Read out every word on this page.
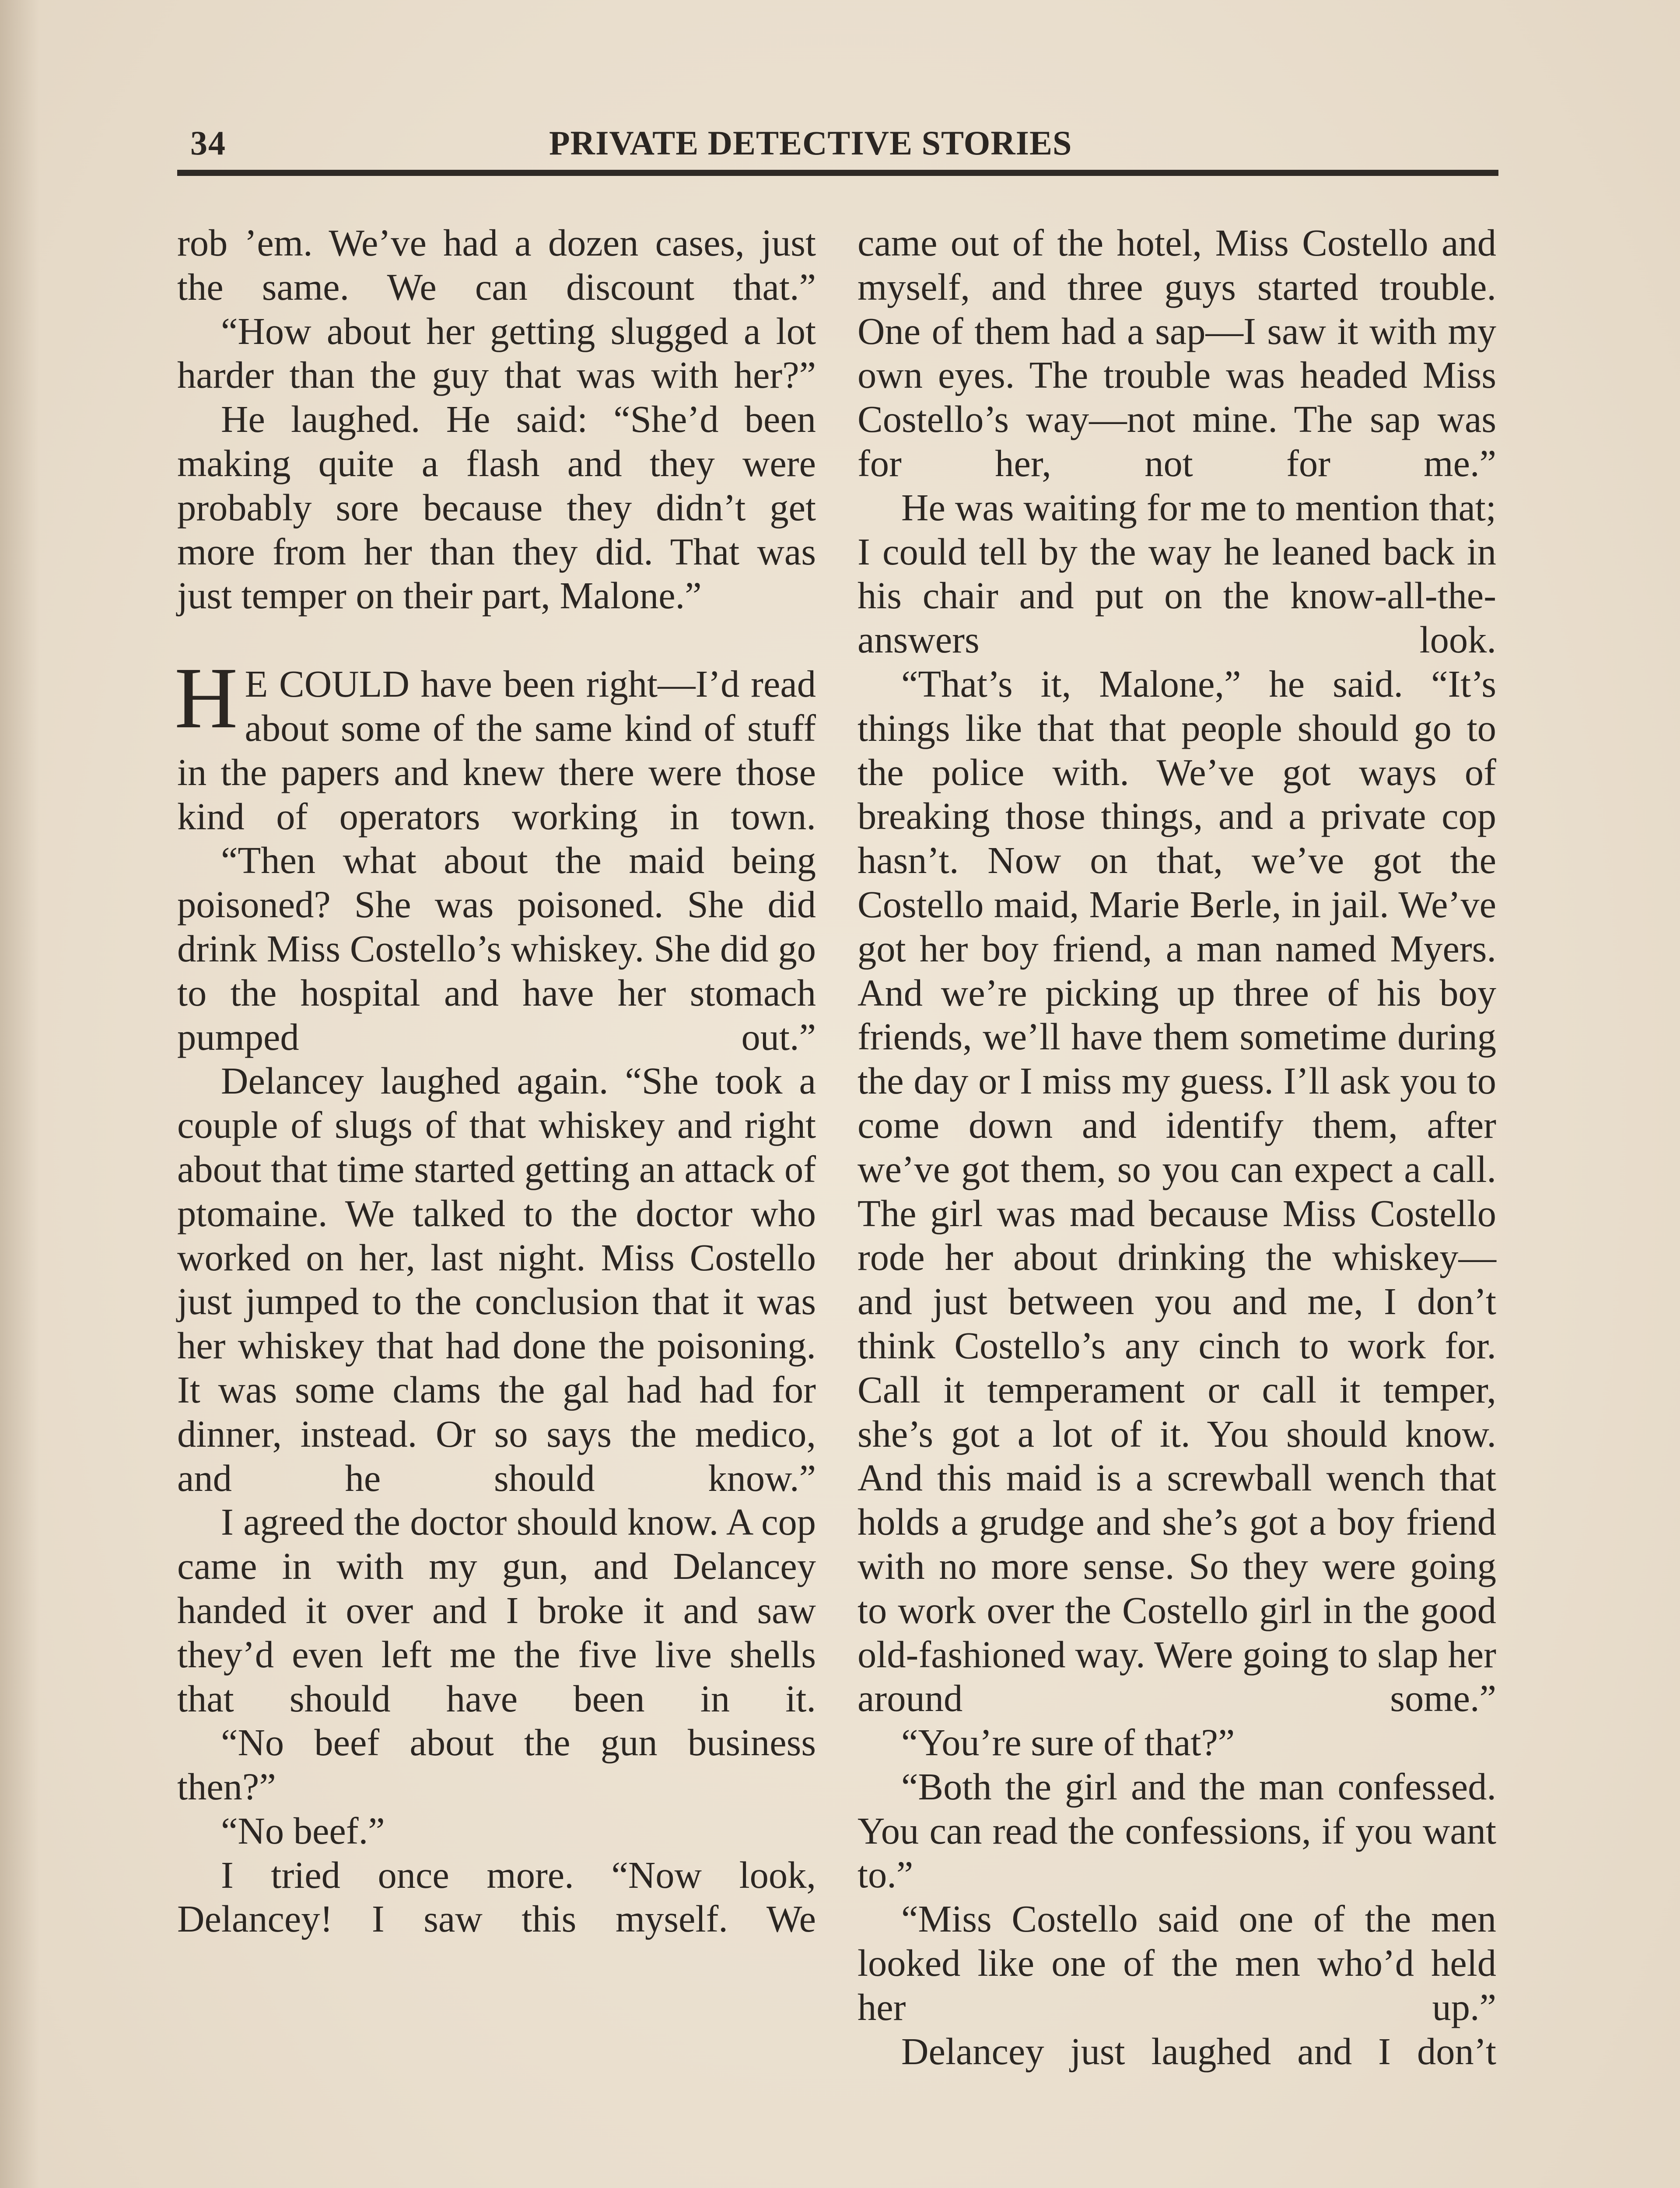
34	PRIVATE DETECTIVE STORIES

rob ’em. We’ve had a dozen cases, just the same. We can discount that.”

“How about her getting slugged a lot harder than the guy that was with her?”

He laughed. He said: “She’d been making quite a flash and they were probably sore because they didn’t get more from her than they did. That was just temper on their part, Malone.”

H E COULD have been right—I’d read about some of the same kind of stuff in the papers and knew there were those kind of operators working in town.

“Then what about the maid being poisoned? She was poisoned. She did drink Miss Costello’s whiskey. She did go to the hospital and have her stomach pumped out.”

Delancey laughed again. “She took a couple of slugs of that whiskey and right about that time started getting an attack of ptomaine. We talked to the doctor who worked on her, last night. Miss Costello just jumped to the conclusion that it was her whiskey that had done the poisoning. It was some clams the gal had had for dinner, instead. Or so says the medico, and he should know.”

I agreed the doctor should know. A cop came in with my gun, and Delancey handed it over and I broke it and saw they’d even left me the five live shells that should have been in it.

“No beef about the gun business then?”

“No beef.”

I tried once more. “Now look, Delancey! I saw this myself. We

came out of the hotel, Miss Costello and myself, and three guys started trouble. One of them had a sap—I saw it with my own eyes. The trouble was headed Miss Costello’s way—not mine. The sap was for her, not for me.”

He was waiting for me to mention that; I could tell by the way he leaned back in his chair and put on the know-all-the-answers look.

“That’s it, Malone,” he said. “It’s things like that that people should go to the police with. We’ve got ways of breaking those things, and a private cop hasn’t. Now on that, we’ve got the Costello maid, Marie Berle, in jail. We’ve got her boy friend, a man named Myers. And we’re picking up three of his boy friends, we’ll have them sometime during the day or I miss my guess. I’ll ask you to come down and identify them, after we’ve got them, so you can expect a call. The girl was mad because Miss Costello rode her about drinking the whiskey—and just between you and me, I don’t think Costello’s any cinch to work for. Call it temperament or call it temper, she’s got a lot of it. You should know. And this maid is a screwball wench that holds a grudge and she’s got a boy friend with no more sense. So they were going to work over the Costello girl in the good old-fashioned way. Were going to slap her around some.”

“You’re sure of that?”

“Both the girl and the man confessed. You can read the confessions, if you want to.”

“Miss Costello said one of the men looked like one of the men who’d held her up.”

Delancey just laughed and I don’t
